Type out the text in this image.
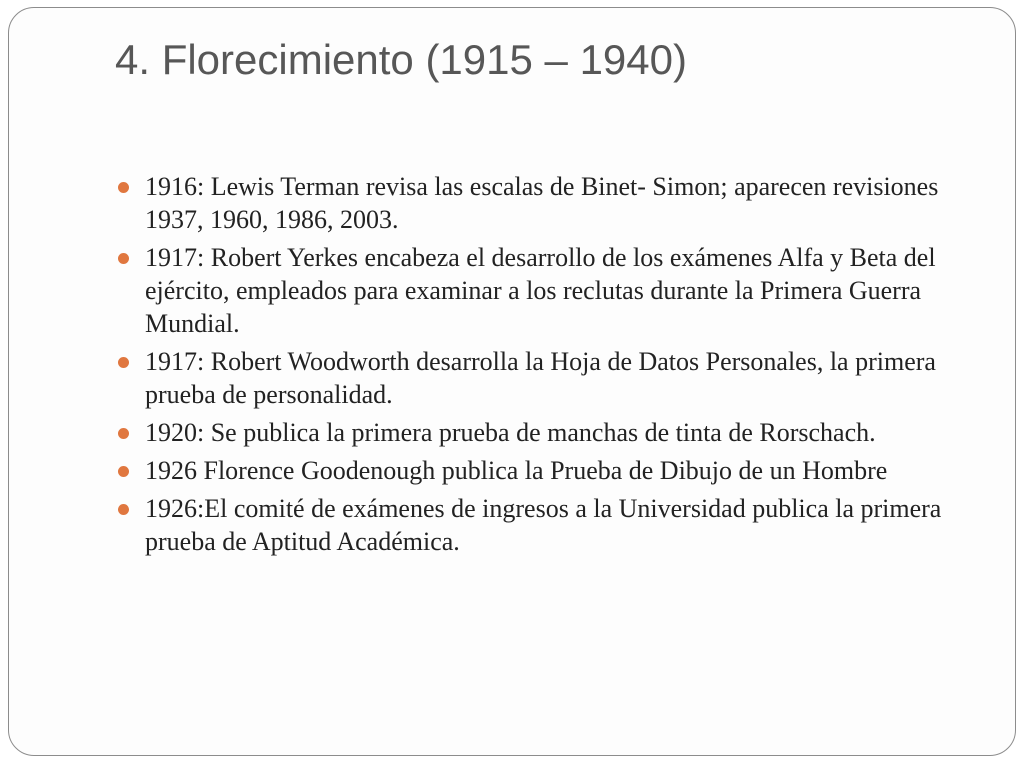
4. Florecimiento (1915 – 1940)
1916: Lewis Terman revisa las escalas de Binet- Simon; aparecen revisiones 1937, 1960, 1986, 2003.
1917: Robert Yerkes encabeza el desarrollo de los exámenes Alfa y Beta del ejército, empleados para examinar a los reclutas durante la Primera Guerra Mundial.
1917: Robert Woodworth desarrolla la Hoja de Datos Personales, la primera prueba de personalidad.
1920: Se publica la primera prueba de manchas de tinta de Rorschach.
1926 Florence Goodenough publica la Prueba de Dibujo de un Hombre
1926:El comité de exámenes de ingresos a la Universidad publica la primera prueba de Aptitud Académica.
